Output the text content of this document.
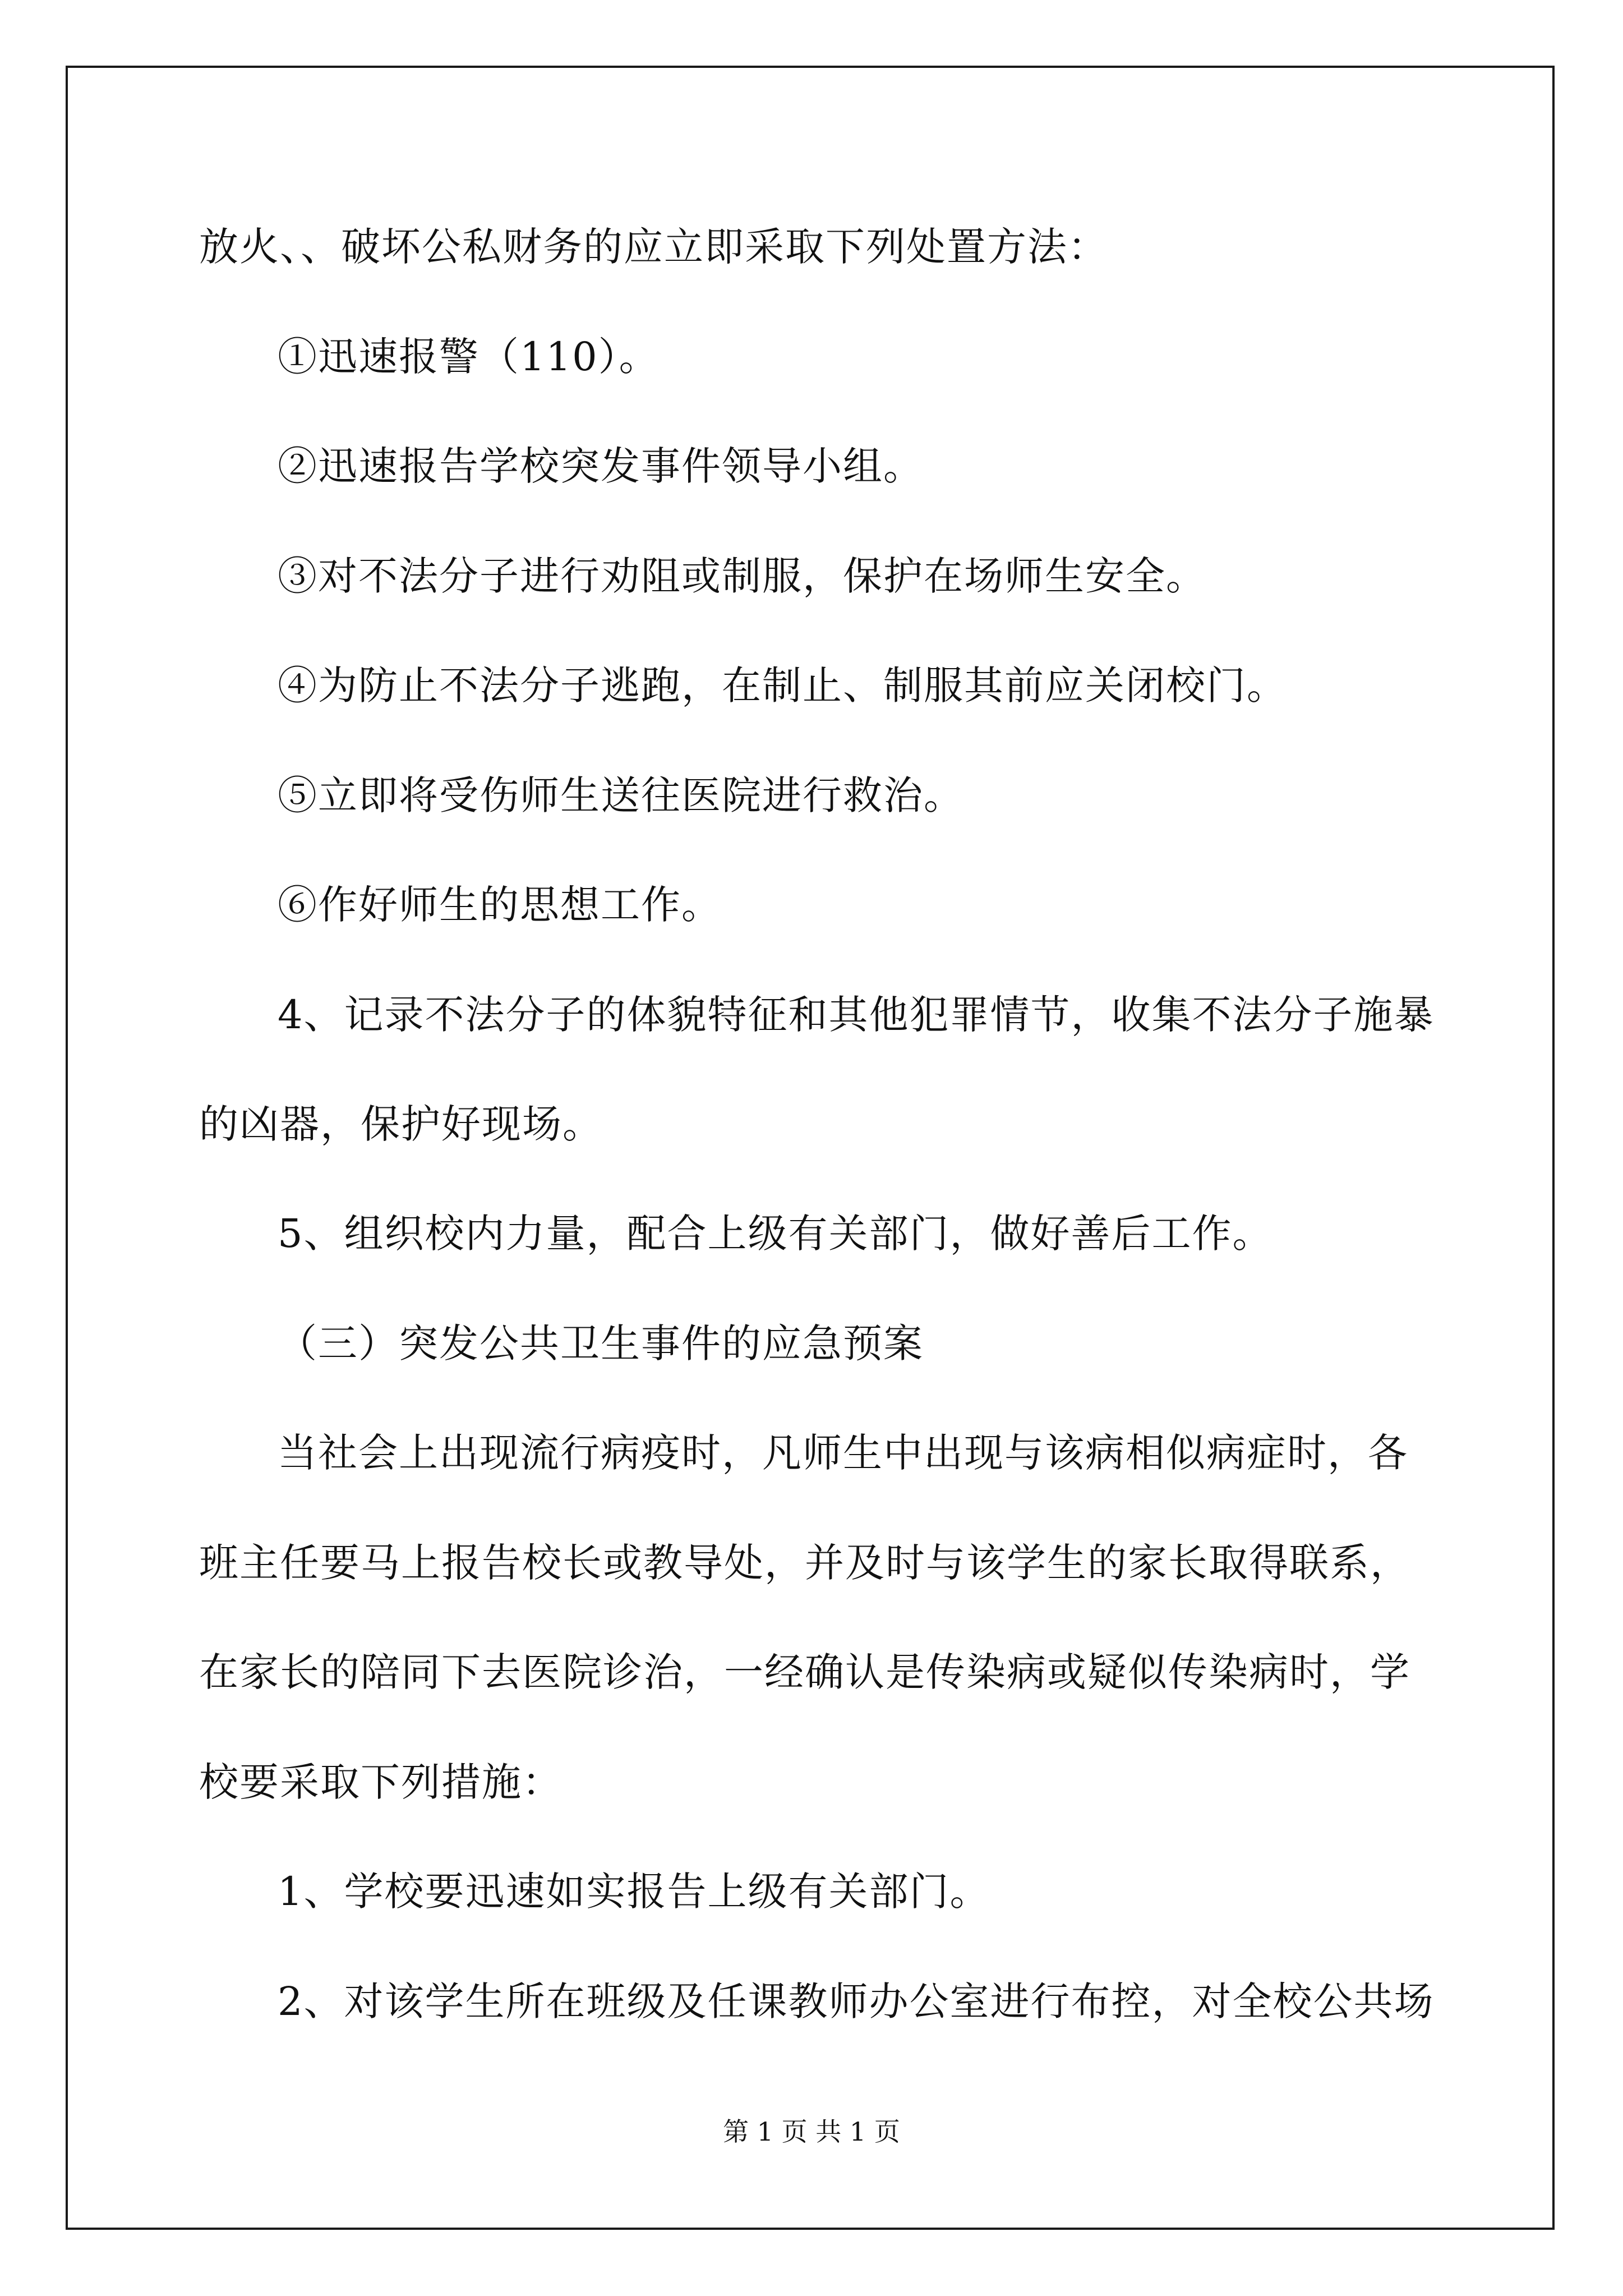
放火、、破坏公私财务的应立即采取下列处置方法：
①迅速报警（110）。
②迅速报告学校突发事件领导小组。
③对不法分子进行劝阻或制服，保护在场师生安全。
④为防止不法分子逃跑，在制止、制服其前应关闭校门。
⑤立即将受伤师生送往医院进行救治。
⑥作好师生的思想工作。
4、记录不法分子的体貌特征和其他犯罪情节，收集不法分子施暴
的凶器，保护好现场。
5、组织校内力量，配合上级有关部门，做好善后工作。
（三）突发公共卫生事件的应急预案
当社会上出现流行病疫时，凡师生中出现与该病相似病症时，各
班主任要马上报告校长或教导处，并及时与该学生的家长取得联系，
在家长的陪同下去医院诊治，一经确认是传染病或疑似传染病时，学
校要采取下列措施：
1、学校要迅速如实报告上级有关部门。
2、对该学生所在班级及任课教师办公室进行布控，对全校公共场
第 1 页 共 1 页
